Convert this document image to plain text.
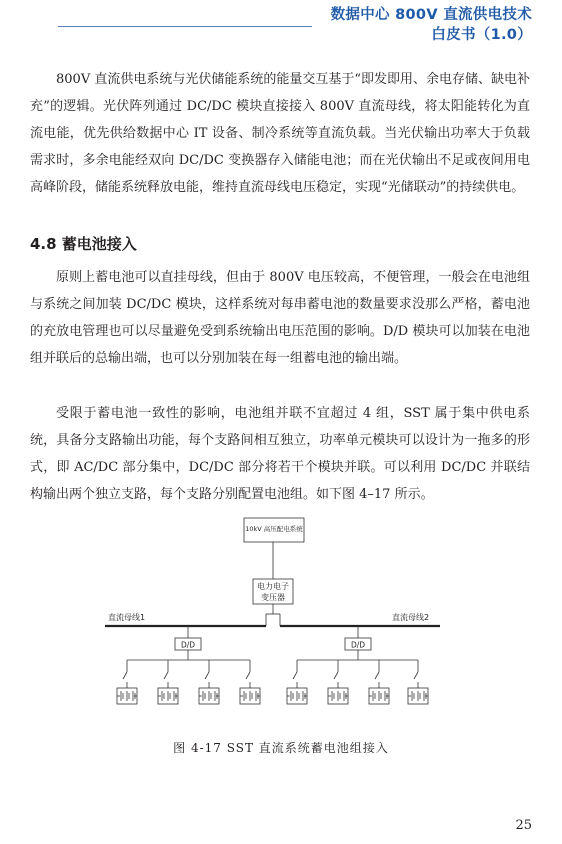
数据中心 800V 直流供电技术
白皮书（1.0）

800V 直流供电系统与光伏储能系统的能量交互基于“即发即用、余电存储、缺电补充”的逻辑。光伏阵列通过 DC/DC 模块直接接入 800V 直流母线，将太阳能转化为直流电能，优先供给数据中心 IT 设备、制冷系统等直流负载。当光伏输出功率大于负载需求时，多余电能经双向 DC/DC 变换器存入储能电池；而在光伏输出不足或夜间用电高峰阶段，储能系统释放电能，维持直流母线电压稳定，实现“光储联动”的持续供电。

4.8 蓄电池接入

原则上蓄电池可以直挂母线，但由于 800V 电压较高，不便管理，一般会在电池组与系统之间加装 DC/DC 模块，这样系统对每串蓄电池的数量要求没那么严格，蓄电池的充放电管理也可以尽量避免受到系统输出电压范围的影响。D/D 模块可以加装在电池组并联后的总输出端，也可以分别加装在每一组蓄电池的输出端。

受限于蓄电池一致性的影响，电池组并联不宜超过 4 组，SST 属于集中供电系统，具备分支路输出功能，每个支路间相互独立，功率单元模块可以设计为一拖多的形式，即 AC/DC 部分集中，DC/DC 部分将若干个模块并联。可以利用 DC/DC 并联结构输出两个独立支路，每个支路分别配置电池组。如下图 4–17 所示。

10kV 高压配电系统
电力电子
变压器
直流母线1	直流母线2
D/D	D/D
图 4-17 SST 直流系统蓄电池组接入
25
